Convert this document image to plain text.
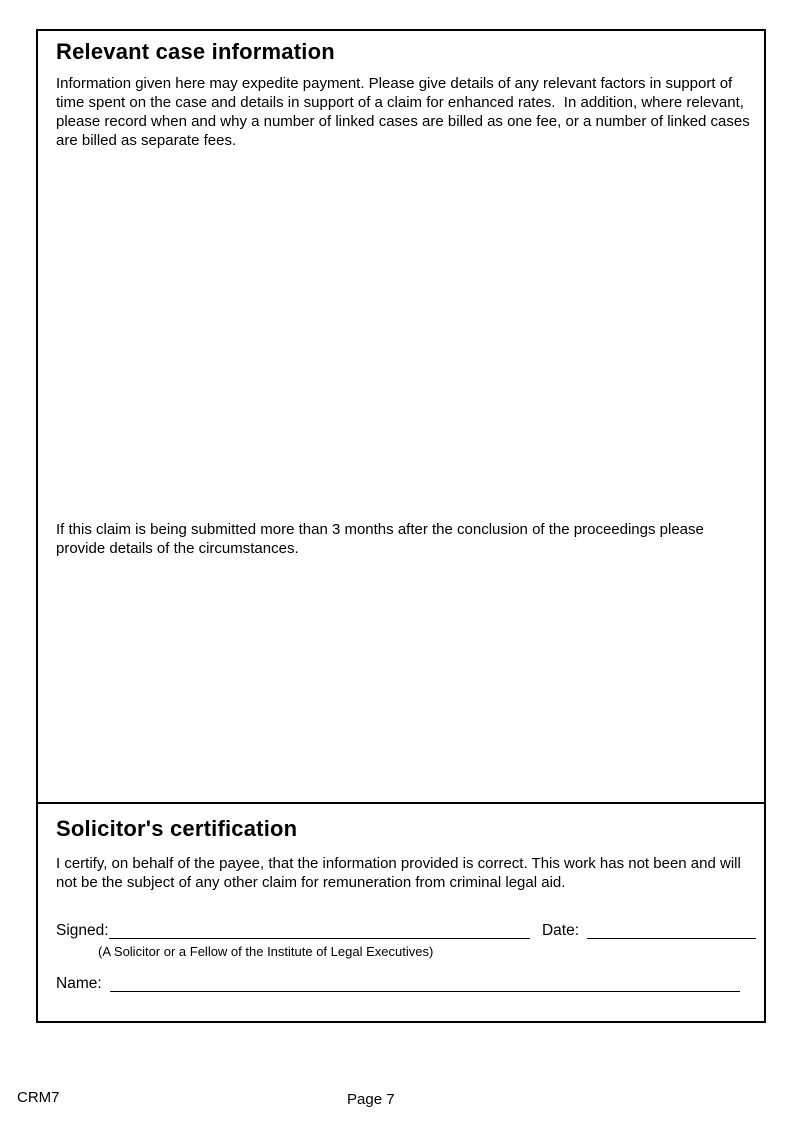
Relevant case information
Information given here may expedite payment. Please give details of any relevant factors in support of time spent on the case and details in support of a claim for enhanced rates.  In addition, where relevant, please record when and why a number of linked cases are billed as one fee, or a number of linked cases are billed as separate fees.
If this claim is being submitted more than 3 months after the conclusion of the proceedings please provide details of the circumstances.
Solicitor's certification
I certify, on behalf of the payee, that the information provided is correct. This work has not been and will not be the subject of any other claim for remuneration from criminal legal aid.
Signed:	Date:
(A Solicitor or a Fellow of the Institute of Legal Executives)
Name:
CRM7	Page 7
